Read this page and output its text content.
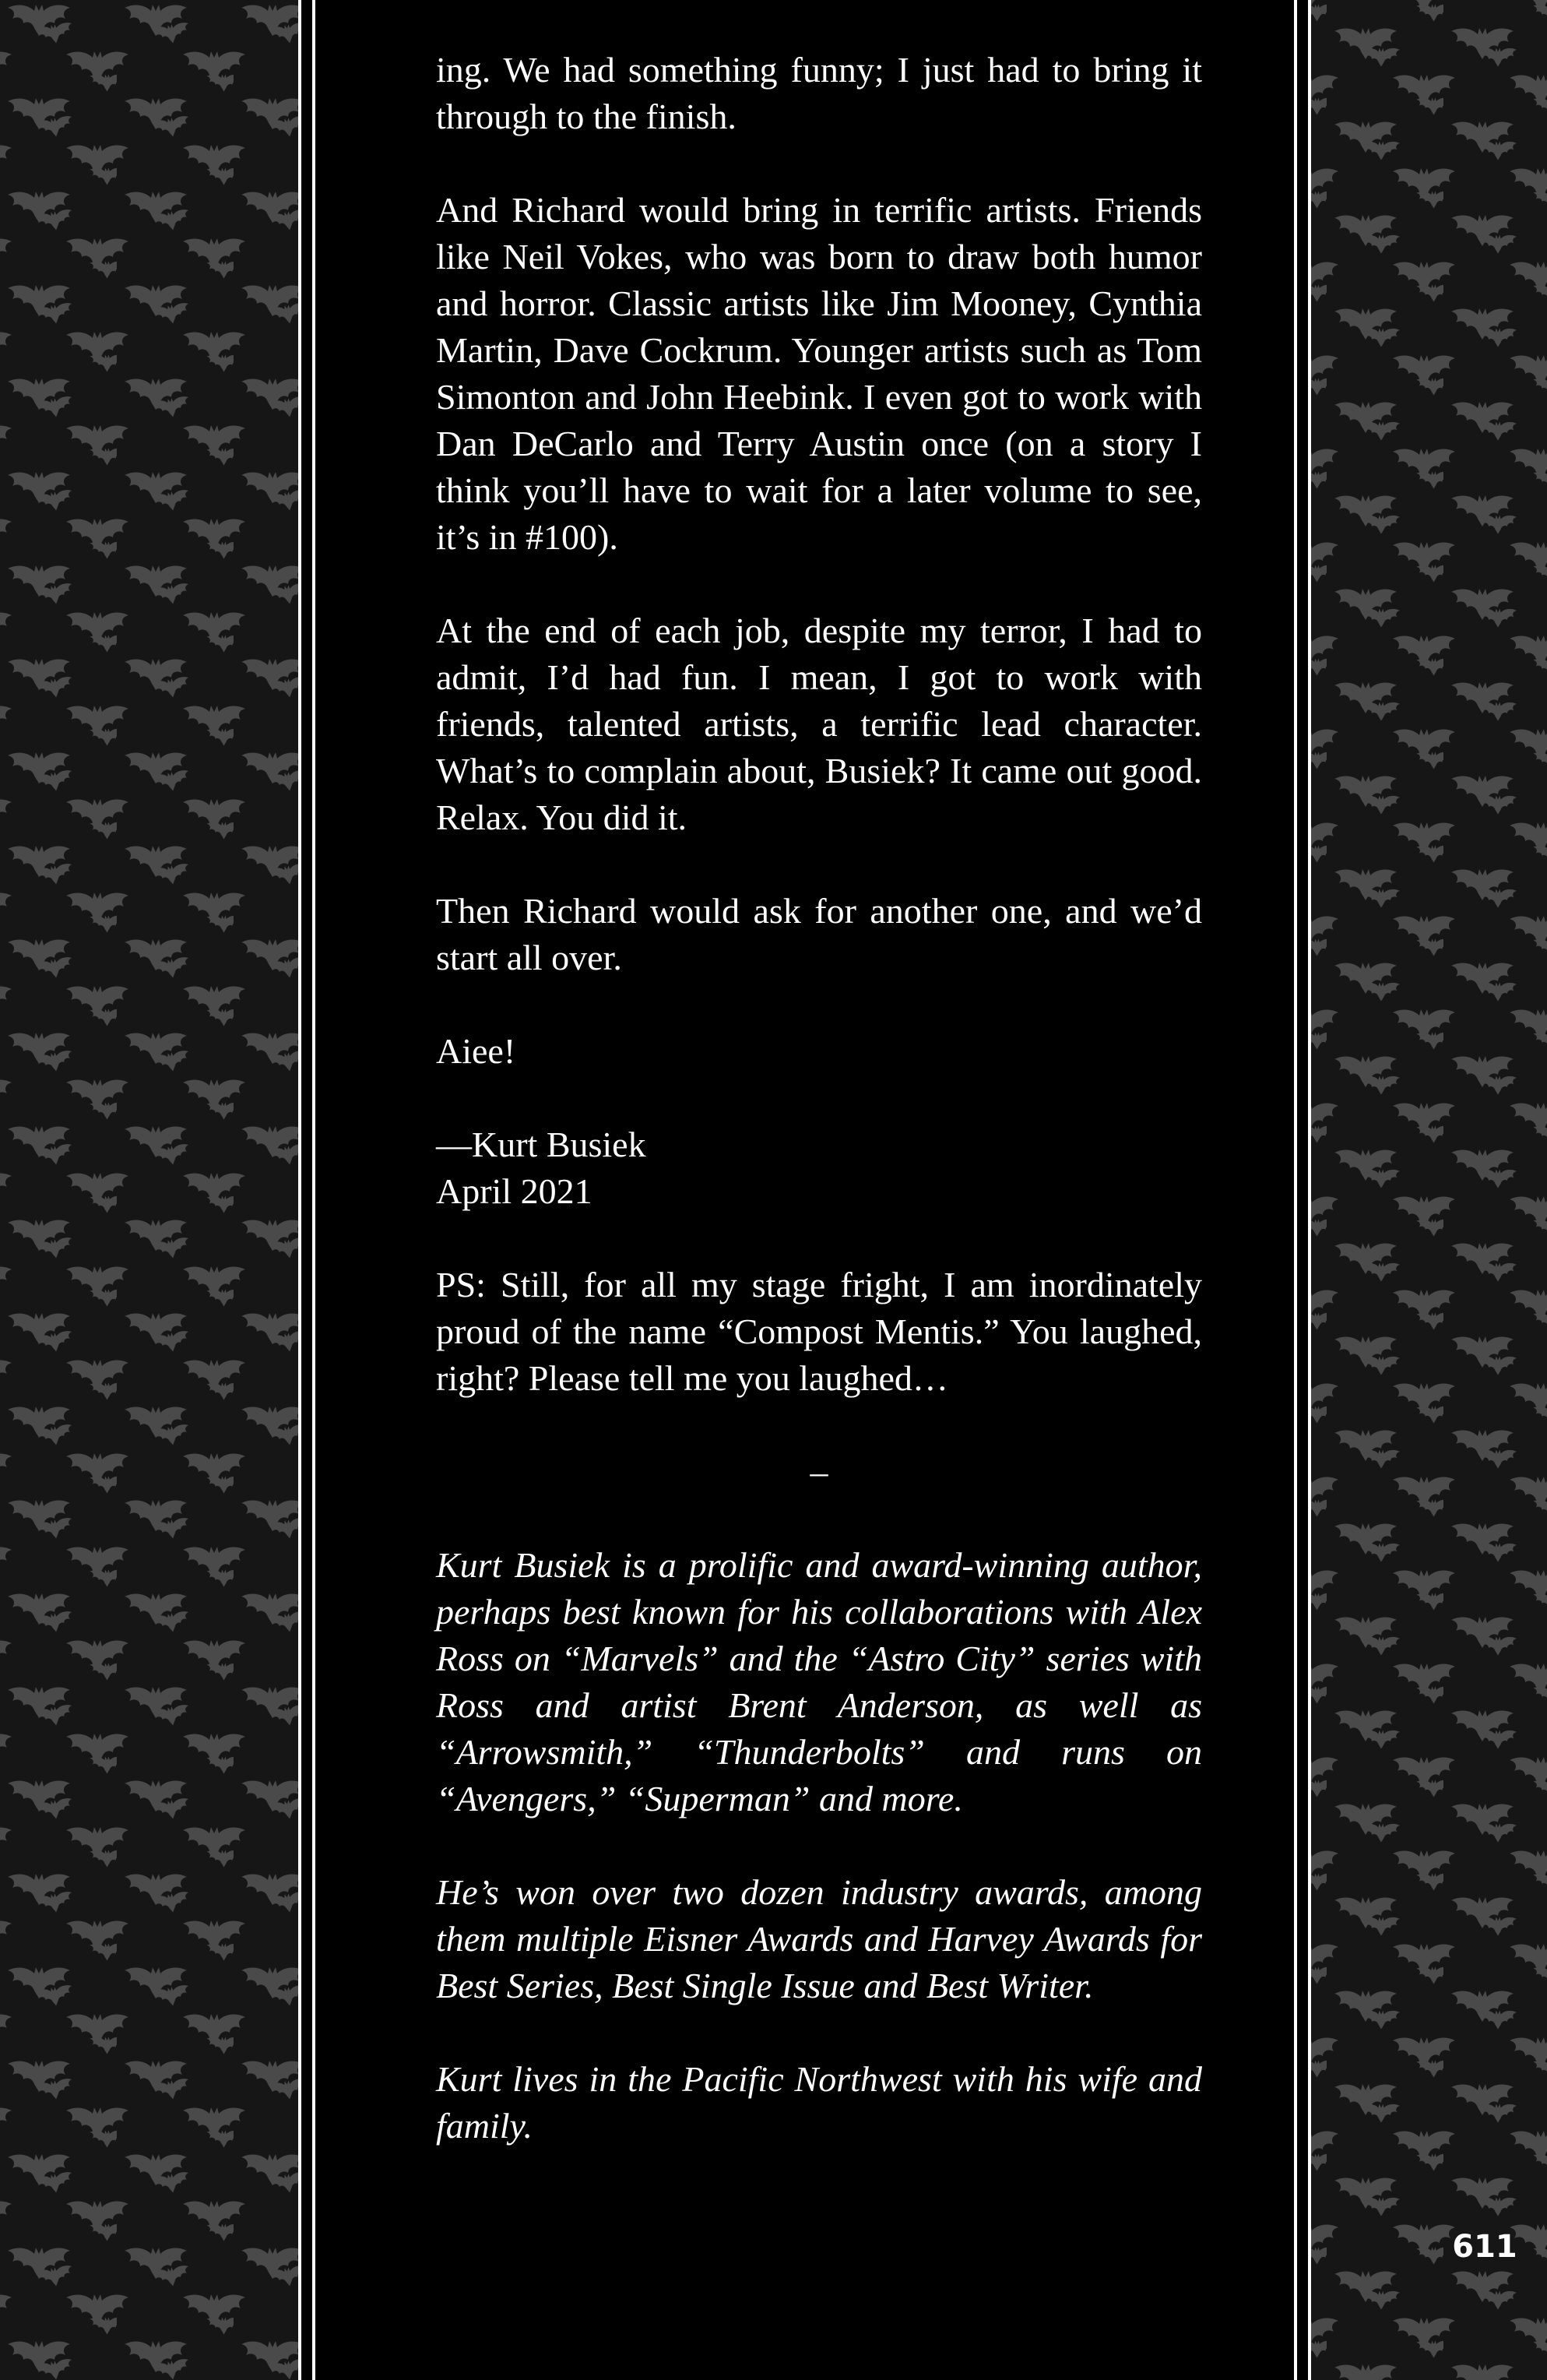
ing. We had something funny; I just had to bring it through to the finish.

And Richard would bring in terrific artists. Friends like Neil Vokes, who was born to draw both humor and horror. Classic artists like Jim Mooney, Cynthia Martin, Dave Cockrum. Younger artists such as Tom Simonton and John Heebink. I even got to work with Dan DeCarlo and Terry Austin once (on a story I think you’ll have to wait for a later volume to see, it’s in #100).

At the end of each job, despite my terror, I had to admit, I’d had fun. I mean, I got to work with friends, talented artists, a terrific lead character. What’s to complain about, Busiek? It came out good. Relax. You did it.

Then Richard would ask for another one, and we’d start all over.

Aiee!

—Kurt Busiek

April 2021

PS: Still, for all my stage fright, I am inordinately proud of the name “Compost Mentis.” You laughed, right? Please tell me you laughed…

–

Kurt Busiek is a prolific and award-winning author, perhaps best known for his collaborations with Alex Ross on “Marvels” and the “Astro City” series with Ross and artist Brent Anderson, as well as “Arrowsmith,” “Thunderbolts” and runs on “Avengers,” “Superman” and more.

He’s won over two dozen industry awards, among them multiple Eisner Awards and Harvey Awards for Best Series, Best Single Issue and Best Writer.

Kurt lives in the Pacific Northwest with his wife and family.

611
